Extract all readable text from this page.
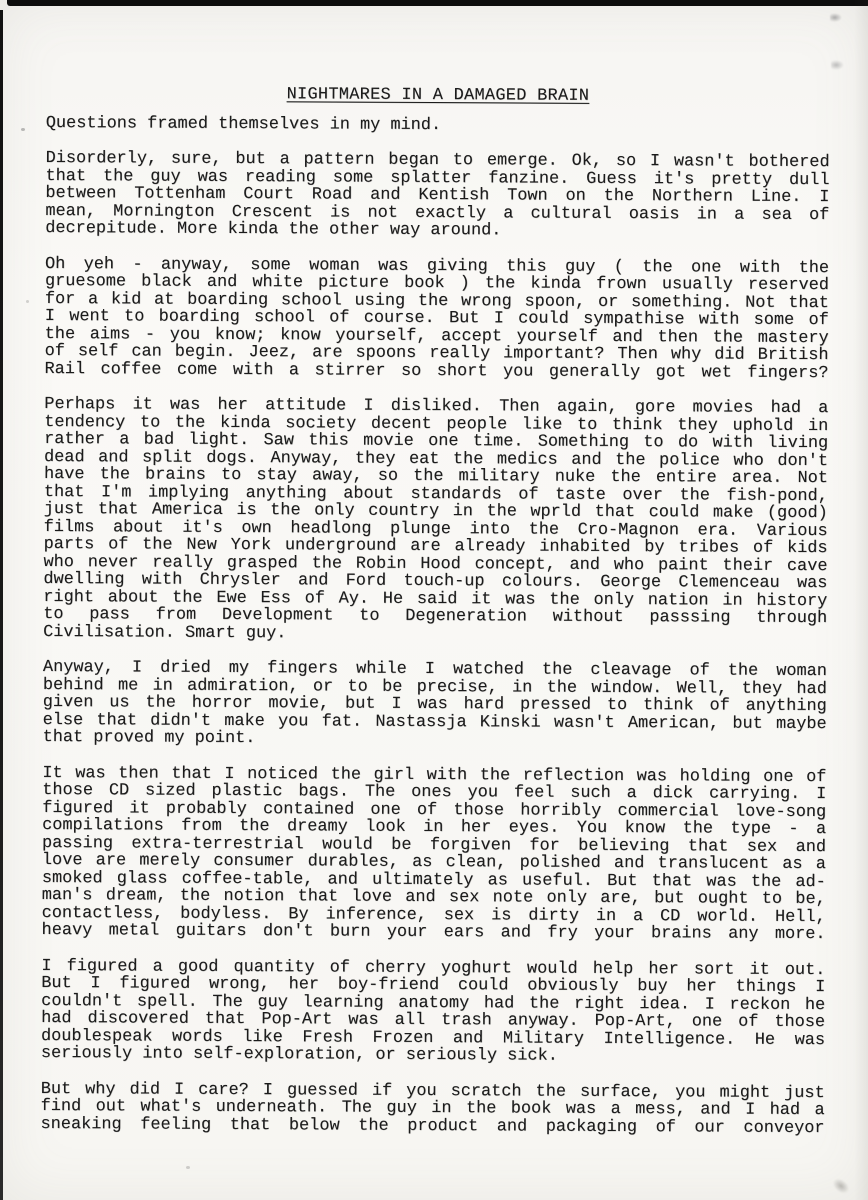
NIGHTMARES IN A DAMAGED BRAIN
Questions framed themselves in my mind.
Disorderly, sure, but a pattern began to emerge. Ok, so I wasn't bothered
that the guy was reading some splatter fanzine. Guess it's pretty dull
between Tottenham Court Road and Kentish Town on the Northern Line. I
mean, Mornington Crescent is not exactly a cultural oasis in a sea of
decrepitude. More kinda the other way around.
Oh yeh - anyway, some woman was giving this guy ( the one with the
gruesome black and white picture book ) the kinda frown usually reserved
for a kid at boarding school using the wrong spoon, or something. Not that
I went to boarding school of course. But I could sympathise with some of
the aims - you know; know yourself, accept yourself and then the mastery
of self can begin. Jeez, are spoons really important? Then why did British
Rail coffee come with a stirrer so short you generally got wet fingers?
Perhaps it was her attitude I disliked. Then again, gore movies had a
tendency to the kinda society decent people like to think they uphold in
rather a bad light. Saw this movie one time. Something to do with living
dead and split dogs. Anyway, they eat the medics and the police who don't
have the brains to stay away, so the military nuke the entire area. Not
that I'm implying anything about standards of taste over the fish-pond,
just that America is the only country in the wprld that could make (good)
films about it's own headlong plunge into the Cro-Magnon era. Various
parts of the New York underground are already inhabited by tribes of kids
who never really grasped the Robin Hood concept, and who paint their cave
dwelling with Chrysler and Ford touch-up colours. George Clemenceau was
right about the Ewe Ess of Ay. He said it was the only nation in history
to pass from Development to Degeneration without passsing through
Civilisation. Smart guy.
Anyway, I dried my fingers while I watched the cleavage of the woman
behind me in admiration, or to be precise, in the window. Well, they had
given us the horror movie, but I was hard pressed to think of anything
else that didn't make you fat. Nastassja Kinski wasn't American, but maybe
that proved my point.
It was then that I noticed the girl with the reflection was holding one of
those CD sized plastic bags. The ones you feel such a dick carrying. I
figured it probably contained one of those horribly commercial love-song
compilations from the dreamy look in her eyes. You know the type - a
passing extra-terrestrial would be forgiven for believing that sex and
love are merely consumer durables, as clean, polished and translucent as a
smoked glass coffee-table, and ultimately as useful. But that was the ad-
man's dream, the notion that love and sex note only are, but ought to be,
contactless, bodyless. By inference, sex is dirty in a CD world. Hell,
heavy metal guitars don't burn your ears and fry your brains any more.
I figured a good quantity of cherry yoghurt would help her sort it out.
But I figured wrong, her boy-friend could obviously buy her things I
couldn't spell. The guy learning anatomy had the right idea. I reckon he
had discovered that Pop-Art was all trash anyway. Pop-Art, one of those
doublespeak words like Fresh Frozen and Military Intelligence. He was
seriously into self-exploration, or seriously sick.
But why did I care? I guessed if you scratch the surface, you might just
find out what's underneath. The guy in the book was a mess, and I had a
sneaking feeling that below the product and packaging of our conveyor
